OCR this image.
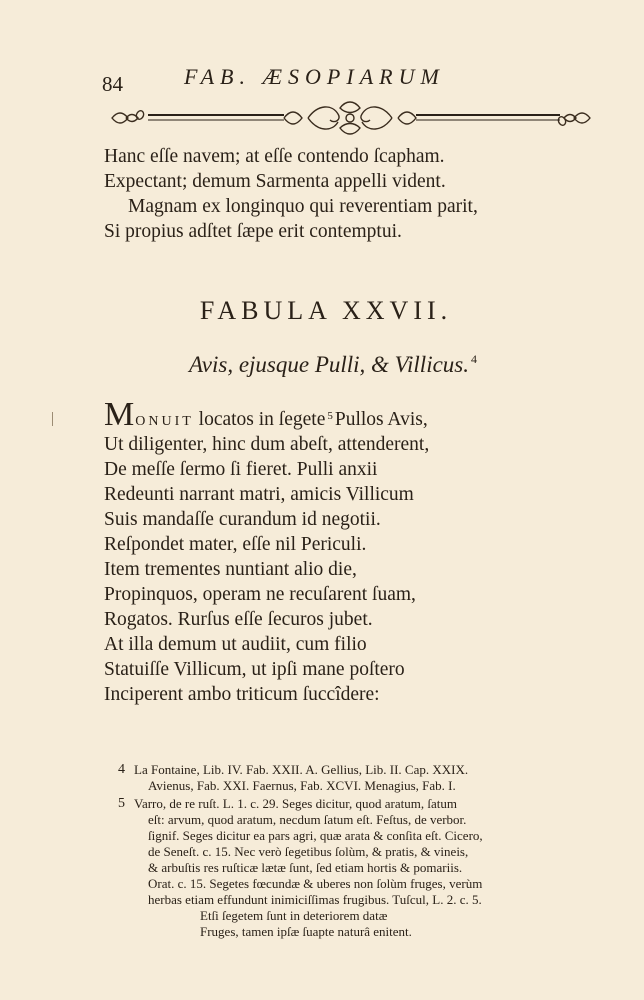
84	FAB. ÆSOPIARUM
Hanc eſſe navem; at eſſe contendo ſcapham.
Expectant; demum Sarmenta appelli vident.
Magnam ex longinquo qui reverentiam parit,
Si propius adſtet ſæpe erit contemptui.
FABULA XXVII.
Avis, ejusque Pulli, & Villicus. $^4$
MONUIT locatos in ſegete $^5$ Pullos Avis,
Ut diligenter, hinc dum abeſt, attenderent,
De meſſe ſermo ſi fieret. Pulli anxii
Redeunti narrant matri, amicis Villicum
Suis mandaſſe curandum id negotii.
Reſpondet mater, eſſe nil Periculi.
Item trementes nuntiant alio die,
Propinquos, operam ne recuſarent ſuam,
Rogatos. Rurſus eſſe ſecuros jubet.
At illa demum ut audiit, cum filio
Statuiſſe Villicum, ut ipſi mane poſtero
Inciperent ambo triticum ſuccîdere:
4 La Fontaine, Lib. IV. Fab. XXII. A. Gellius, Lib. II. Cap. XXIX.
Avienus, Fab. XXI. Faernus, Fab. XCVI. Menagius, Fab. I.
5 Varro, de re ruſt. L. 1. c. 29. Seges dicitur, quod aratum, ſatum
eſt: arvum, quod aratum, necdum ſatum eſt. Feſtus, de verbor.
ſignif. Seges dicitur ea pars agri, quæ arata & conſita eſt. Cicero,
de Seneſt. c. 15. Nec verò ſegetibus ſolùm, & pratis, & vineis,
& arbuſtis res ruſticæ lætæ ſunt, ſed etiam hortis & pomariis.
Orat. c. 15. Segetes fœcundæ & uberes non ſolùm fruges, verùm
herbas etiam effundunt inimiciſſimas frugibus. Tuſcul, L. 2. c. 5.
Etſi ſegetem ſunt in deteriorem datæ
Fruges, tamen ipſæ ſuapte naturâ enitent.
